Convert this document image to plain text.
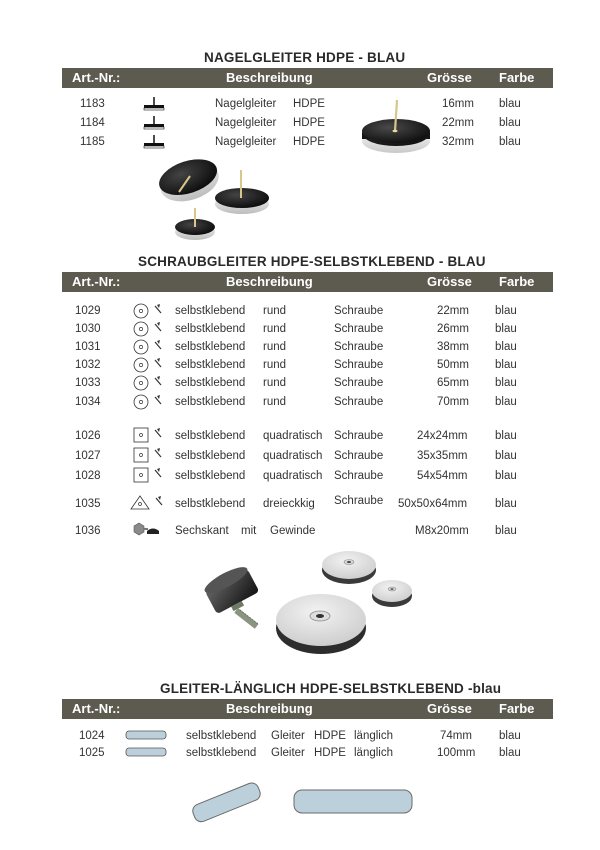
NAGELGLEITER HDPE - BLAU
Art.-Nr.:	Beschreibung	Grösse Farbe
1183	Nagelgleiter HDPE	16mm blau
1184	Nagelgleiter HDPE	22mm blau
1185	Nagelgleiter HDPE	32mm blau
SCHRAUBGLEITER HDPE-SELBSTKLEBEND - BLAU
Art.-Nr.:	Beschreibung	Grösse Farbe
1029	selbstklebend rund	Schraube	22mm blau
1030	selbstklebend rund	Schraube	26mm blau
1031	selbstklebend rund	Schraube	38mm blau
1032	selbstklebend rund	Schraube	50mm blau
1033	selbstklebend rund	Schraube	65mm blau
1034	selbstklebend rund	Schraube	70mm blau
1026	selbstklebend quadratisch Schraube	24x24mm blau
1027	selbstklebend quadratisch Schraube	35x35mm blau
1028	selbstklebend quadratisch Schraube	54x54mm blau
1035	selbstklebend dreieckkig Schraube 50x50x64mm blau
1036	Sechskant mit Gewinde	M8x20mm blau
GLEITER-LÄNGLICH HDPE-SELBSTKLEBEND -blau
Art.-Nr.:	Beschreibung	Grösse Farbe
1024	selbstklebend Gleiter HDPE länglich	74mm blau
1025	selbstklebend Gleiter HDPE länglich	100mm blau
